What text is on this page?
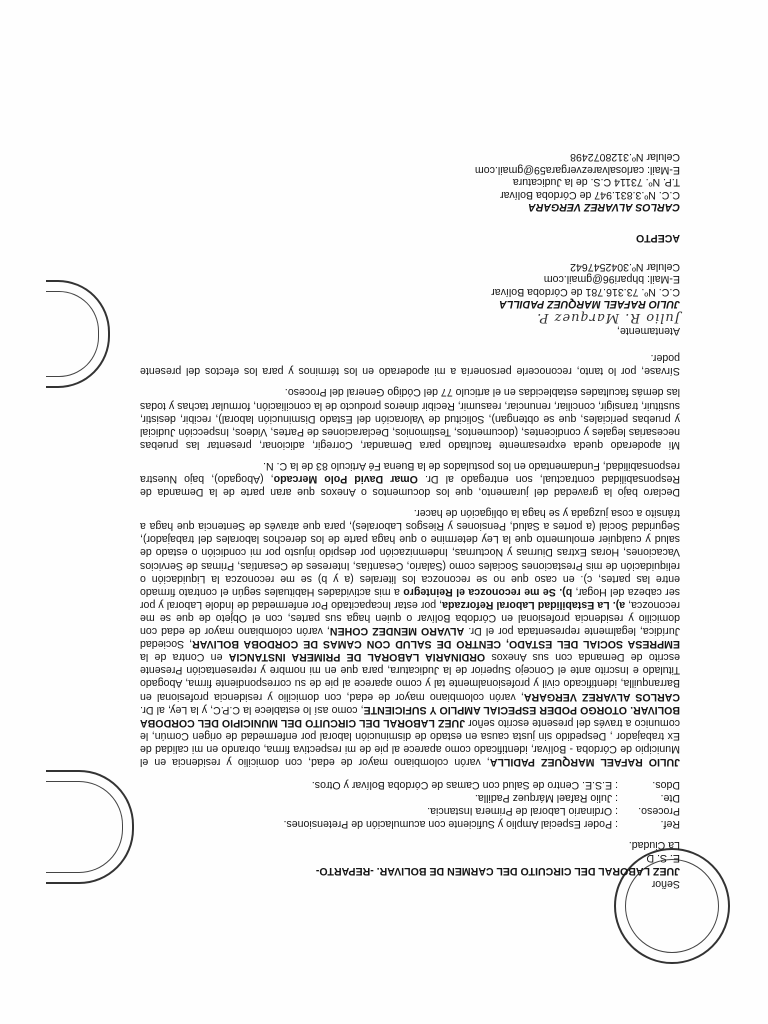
Señor
JUEZ LABORAL DEL CIRCUITO DEL CARMEN DE BOLIVAR. -REPARTO-
E. S. D.
La Ciudad.
Ref.
: Poder Especial Amplio y Suficiente con acumulación de Pretensiones.
Proceso.
: Ordinario Laboral de Primera Instancia.
Dte.
: Julio Rafael Márquez Padilla.
Ddos.
: E.S.E. Centro de Salud con Camas de Córdoba Bolívar y Otros.

JULIO RAFAEL MARQUEZ PADILLA, varón colombiano mayor de edad, con domicilio y residencia en el Municipio de Córdoba - Bolívar, identificado como aparece al pie de mi respectiva firma, obrando en mi calidad de Ex trabajador , Despedido sin justa causa en estado de disminución laboral por enfermedad de origen Común, le comunico a través del presente escrito señor JUEZ LABORAL DEL CIRCUITO DEL MUNICIPIO DEL CORDOBA BOLIVAR. OTORGO PODER ESPECIAL AMPLIO Y SUFICIENTE, como así lo establece la C.P.C, y la Ley, al Dr. CARLOS ALVAREZ VERGARA, varón colombiano mayor de edad, con domicilio y residencia profesional en Barranquilla, identificado civil y profesionalmente tal y como aparece al pie de su correspondiente firma, Abogado Titulado e Inscrito ante el Concejo Superior de la Judicatura, para que en mi nombre y representación Presente escrito de Demanda con sus Anexos ORDINARIA LABORAL DE PRIMERA INSTANCIA en Contra de la EMPRESA SOCIAL DEL ESTADO, CENTRO DE SALUD CON CAMAS DE CORDOBA BOLIVAR, Sociedad Jurídica, legalmente representada por el Dr. ALVARO MENDEZ COHEN, varón colombiano mayor de edad con domicilio y residencia profesional en Córdoba Bolívar o quien haga sus partes, con el Objeto de que se me reconozca, a). La Estabilidad Laboral Reforzada, por estar Incapacitado Por enfermedad de Índole Laboral y por ser cabeza del Hogar, b). Se me reconozca el Reintegro a mis actividades Habituales según el contrato firmado entre las partes, c). en caso que no se reconozca los literales (a y b) se me reconozca la Liquidación o reliquidación de mis Prestaciones Sociales como (Salario, Cesantías, Intereses de Cesantías, Primas de Servicios Vacaciones, Horas Extras Diurnas y Nocturnas, Indemnización por despido injusto por mi condición o estado de salud y cualquier emolumento que la Ley determine o que haga parte de los derechos laborales del trabajador), Seguridad Social (a portes a Salud, Pensiones y Riesgos Laborales), para que através de Sentencia que haga a tránsito a cosa juzgada y se haga la obligación de hacer.

Declaro bajo la gravedad del juramento, que los documentos o Anexos que aran parte de la Demanda de Responsabilidad contractual, son entregado al Dr. Omar David Polo Mercado, (Abogado), bajo Nuestra responsabilidad, Fundamentado en los postulados de la Buena Fé Articulo 83 de la C. N.

Mi apoderado queda expresamente facultado para Demandar, Corregir, adicionar, presentar las pruebas necesarias legales y condicentes, (documentos, Testimonios, Declaraciones de Partes, Videos, Inspección Judicial y pruebas periciales, que se obtengan), Solicitud de Valoración del Estado Disminución laboral), recibir, desistir, sustituir, transigir, conciliar, renunciar, reasumir, Recibir dineros producto de la conciliación, formular tachas y todas las demás facultades establecidas en el articulo 77 del Código General del Proceso.

Sírvase, por lo tanto, reconocerle personería a mi apoderado en los términos y para los efectos del presente poder.

Atentamente,
Julio R. Marquez P.
JULIO RAFAEL MARQUEZ PADILLA
C.C. Nº. 73.316.781 de Córdoba Bolívar
E-Mail: bhpari96@gmail.com
Celular Nº.3042547642
ACEPTO
CARLOS ALVAREZ VERGARA
C.C. Nº.3.831.947 de Córdoba Bolívar
T.P. Nº. 73114 C.S. de la Judicatura
E-Mail: carlosalvarezvergara59@gmail.com
Celular Nº.3128072498
